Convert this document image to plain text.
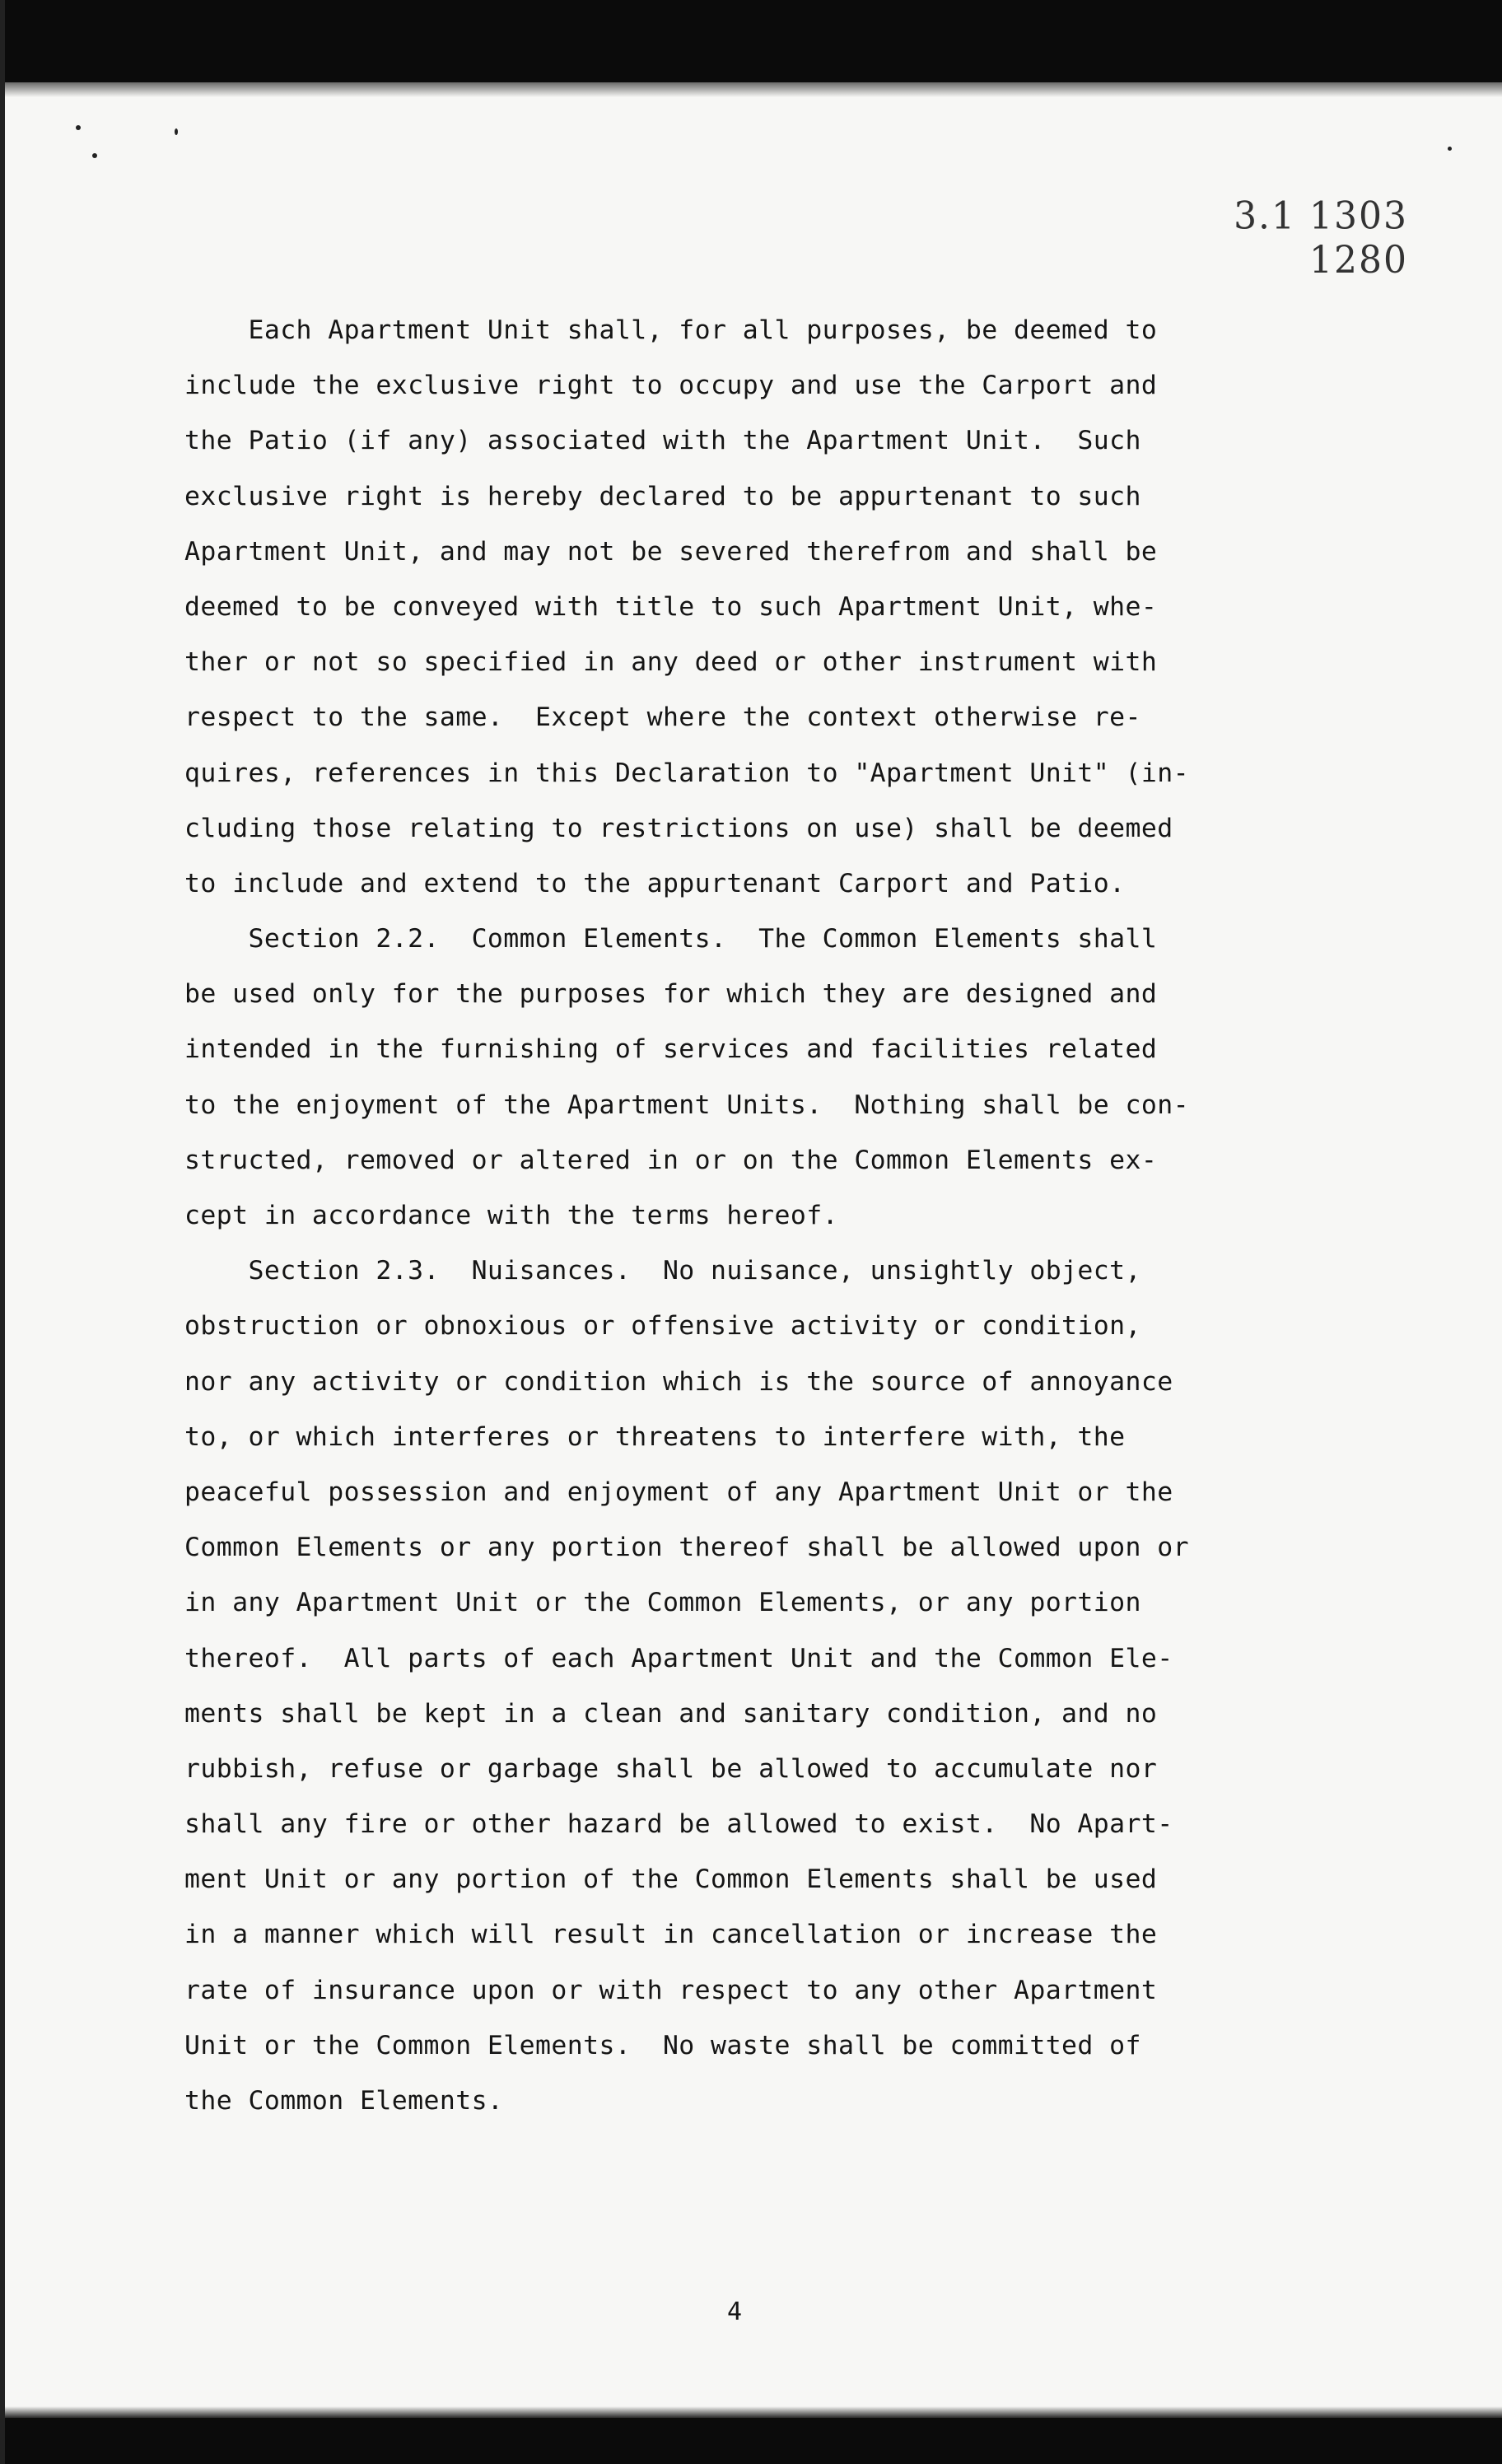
3.1 1303 1280
Each Apartment Unit shall, for all purposes, be deemed to
include the exclusive right to occupy and use the Carport and
the Patio (if any) associated with the Apartment Unit.  Such
exclusive right is hereby declared to be appurtenant to such
Apartment Unit, and may not be severed therefrom and shall be
deemed to be conveyed with title to such Apartment Unit, whe-
ther or not so specified in any deed or other instrument with
respect to the same.  Except where the context otherwise re-
quires, references in this Declaration to "Apartment Unit" (in-
cluding those relating to restrictions on use) shall be deemed
to include and extend to the appurtenant Carport and Patio.
Section 2.2.  Common Elements.  The Common Elements shall
be used only for the purposes for which they are designed and
intended in the furnishing of services and facilities related
to the enjoyment of the Apartment Units.  Nothing shall be con-
structed, removed or altered in or on the Common Elements ex-
cept in accordance with the terms hereof.
Section 2.3.  Nuisances.  No nuisance, unsightly object,
obstruction or obnoxious or offensive activity or condition,
nor any activity or condition which is the source of annoyance
to, or which interferes or threatens to interfere with, the
peaceful possession and enjoyment of any Apartment Unit or the
Common Elements or any portion thereof shall be allowed upon or
in any Apartment Unit or the Common Elements, or any portion
thereof.  All parts of each Apartment Unit and the Common Ele-
ments shall be kept in a clean and sanitary condition, and no
rubbish, refuse or garbage shall be allowed to accumulate nor
shall any fire or other hazard be allowed to exist.  No Apart-
ment Unit or any portion of the Common Elements shall be used
in a manner which will result in cancellation or increase the
rate of insurance upon or with respect to any other Apartment
Unit or the Common Elements.  No waste shall be committed of
the Common Elements.
4
